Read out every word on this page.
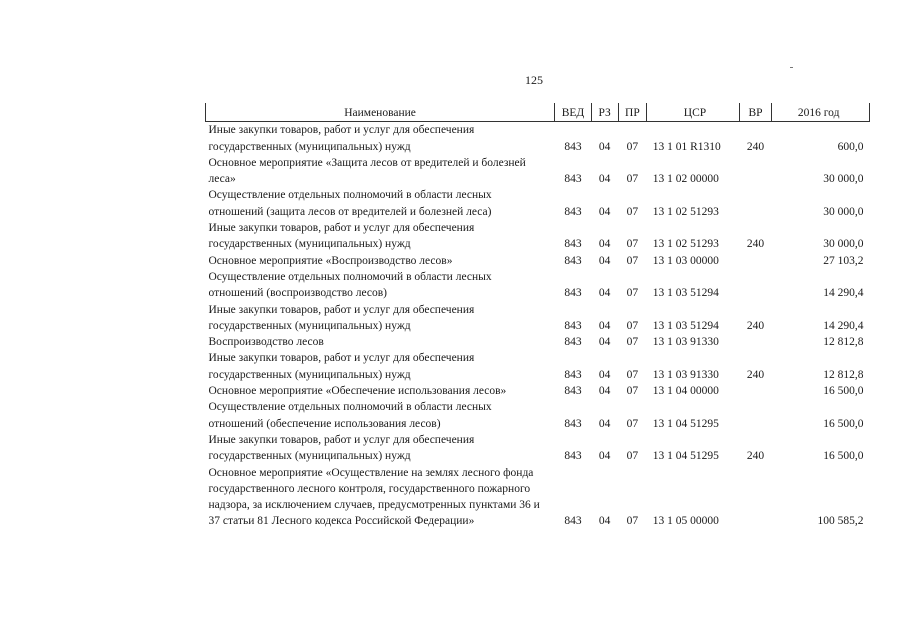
125
Наименование	ВЕД	РЗ	ПР	ЦСР	ВР	2016 год
Иные закупки товаров, работ и услуг для обеспечения государственных (муниципальных) нужд	843	04	07	13 1 01 R1310	240	600,0
Основное мероприятие «Защита лесов от вредителей и болезней леса»	843	04	07	13 1 02 00000		30 000,0
Осуществление отдельных полномочий в области лесных отношений (защита лесов от вредителей и болезней леса)	843	04	07	13 1 02 51293		30 000,0
Иные закупки товаров, работ и услуг для обеспечения государственных (муниципальных) нужд	843	04	07	13 1 02 51293	240	30 000,0
Основное мероприятие «Воспроизводство лесов»	843	04	07	13 1 03 00000		27 103,2
Осуществление отдельных полномочий в области лесных отношений (воспроизводство лесов)	843	04	07	13 1 03 51294		14 290,4
Иные закупки товаров, работ и услуг для обеспечения государственных (муниципальных) нужд	843	04	07	13 1 03 51294	240	14 290,4
Воспроизводство лесов	843	04	07	13 1 03 91330		12 812,8
Иные закупки товаров, работ и услуг для обеспечения государственных (муниципальных) нужд	843	04	07	13 1 03 91330	240	12 812,8
Основное мероприятие «Обеспечение использования лесов»	843	04	07	13 1 04 00000		16 500,0
Осуществление отдельных полномочий в области лесных отношений (обеспечение использования лесов)	843	04	07	13 1 04 51295		16 500,0
Иные закупки товаров, работ и услуг для обеспечения государственных (муниципальных) нужд	843	04	07	13 1 04 51295	240	16 500,0
Основное мероприятие «Осуществление на землях лесного фонда государственного лесного контроля, государственного пожарного надзора, за исключением случаев, предусмотренных пунктами 36 и 37 статьи 81 Лесного кодекса Российской Федерации»	843	04	07	13 1 05 00000		100 585,2
